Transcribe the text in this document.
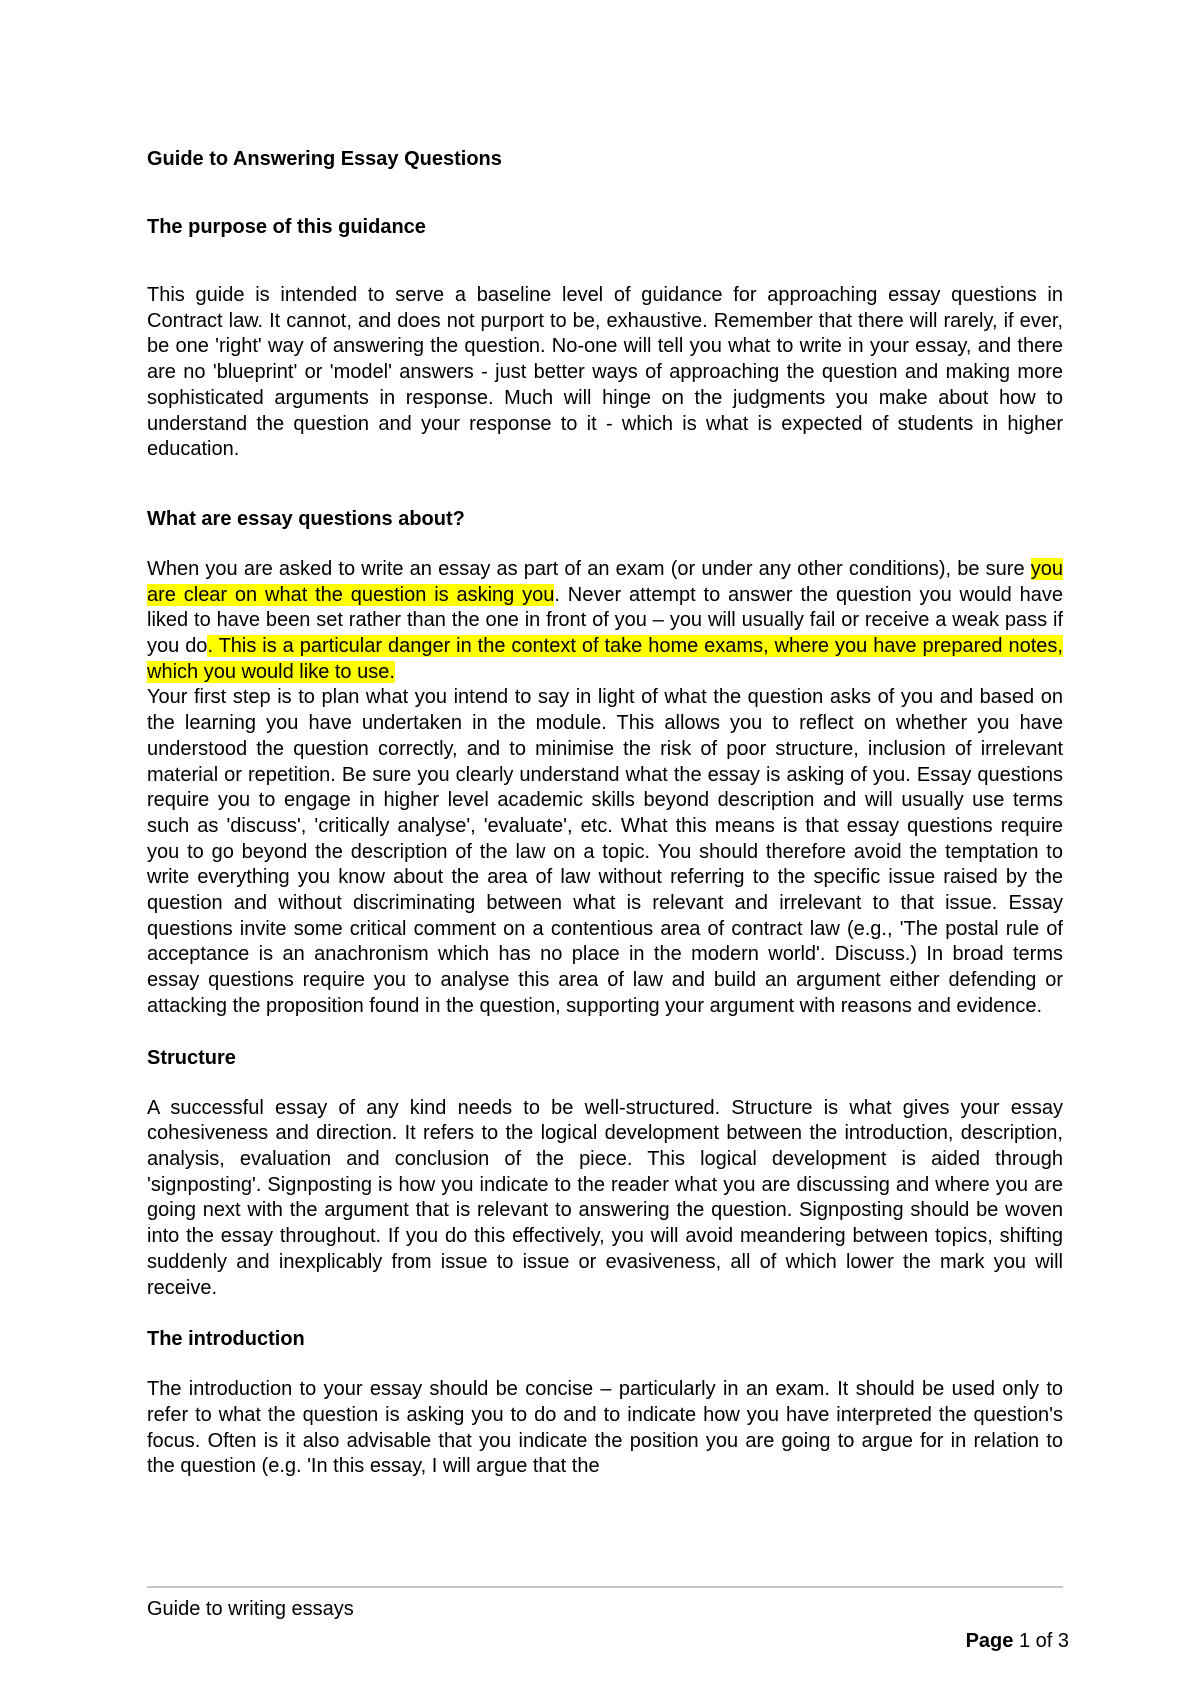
Guide to Answering Essay Questions

The purpose of this guidance

This guide is intended to serve a baseline level of guidance for approaching essay questions in Contract law. It cannot, and does not purport to be, exhaustive. Remember that there will rarely, if ever, be one 'right' way of answering the question. No-one will tell you what to write in your essay, and there are no 'blueprint' or 'model' answers - just better ways of approaching the question and making more sophisticated arguments in response. Much will hinge on the judgments you make about how to understand the question and your response to it - which is what is expected of students in higher education.

What are essay questions about?

When you are asked to write an essay as part of an exam (or under any other conditions), be sure you are clear on what the question is asking you. Never attempt to answer the question you would have liked to have been set rather than the one in front of you – you will usually fail or receive a weak pass if you do. This is a particular danger in the context of take home exams, where you have prepared notes, which you would like to use.

Your first step is to plan what you intend to say in light of what the question asks of you and based on the learning you have undertaken in the module. This allows you to reflect on whether you have understood the question correctly, and to minimise the risk of poor structure, inclusion of irrelevant material or repetition. Be sure you clearly understand what the essay is asking of you. Essay questions require you to engage in higher level academic skills beyond description and will usually use terms such as 'discuss', 'critically analyse', 'evaluate', etc. What this means is that essay questions require you to go beyond the description of the law on a topic. You should therefore avoid the temptation to write everything you know about the area of law without referring to the specific issue raised by the question and without discriminating between what is relevant and irrelevant to that issue. Essay questions invite some critical comment on a contentious area of contract law (e.g., 'The postal rule of acceptance is an anachronism which has no place in the modern world'. Discuss.) In broad terms essay questions require you to analyse this area of law and build an argument either defending or attacking the proposition found in the question, supporting your argument with reasons and evidence.

Structure

A successful essay of any kind needs to be well-structured. Structure is what gives your essay cohesiveness and direction. It refers to the logical development between the introduction, description, analysis, evaluation and conclusion of the piece. This logical development is aided through 'signposting'. Signposting is how you indicate to the reader what you are discussing and where you are going next with the argument that is relevant to answering the question. Signposting should be woven into the essay throughout. If you do this effectively, you will avoid meandering between topics, shifting suddenly and inexplicably from issue to issue or evasiveness, all of which lower the mark you will receive.

The introduction

The introduction to your essay should be concise – particularly in an exam. It should be used only to refer to what the question is asking you to do and to indicate how you have interpreted the question's focus. Often is it also advisable that you indicate the position you are going to argue for in relation to the question (e.g. 'In this essay, I will argue that the

Guide to writing essays
Page 1 of 3
